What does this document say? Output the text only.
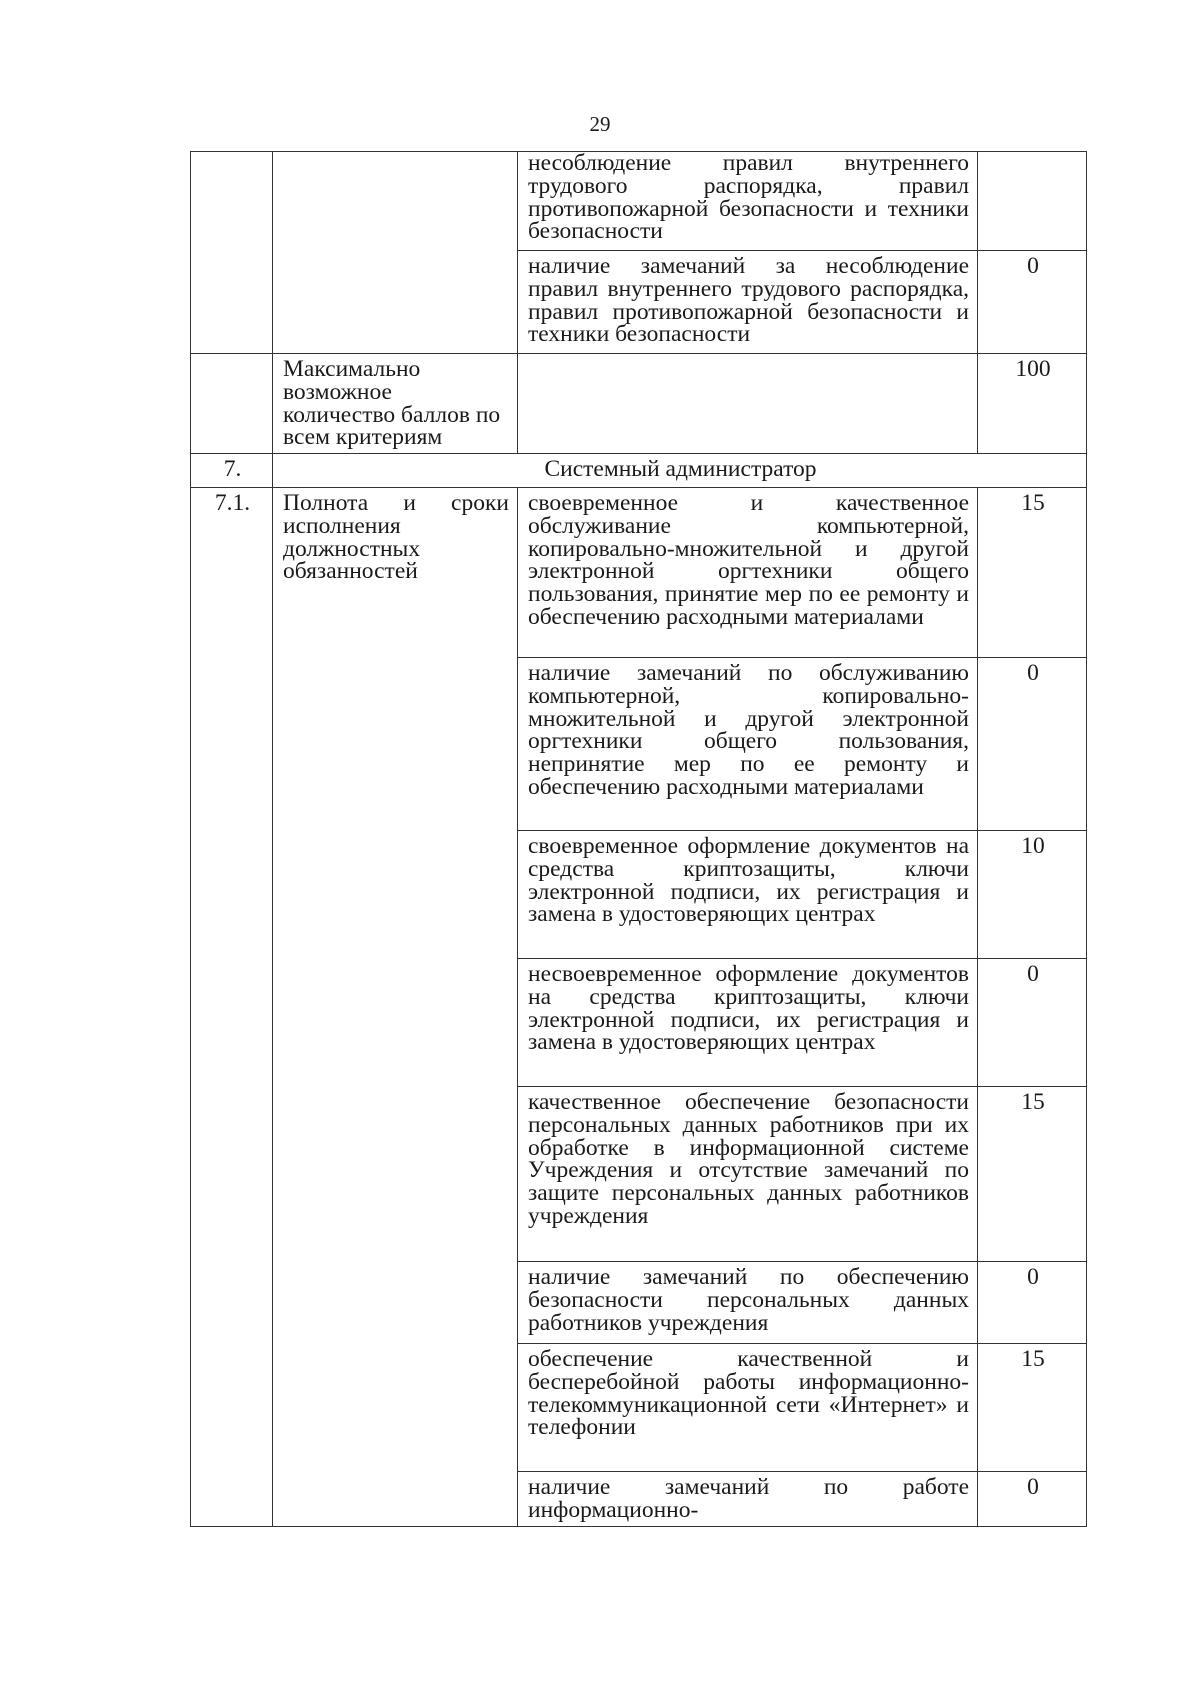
29
		несоблюдение правил внутреннего трудового распорядка, правил противопожарной безопасности и техники безопасности	
		наличие замечаний за несоблюдение правил внутреннего трудового распорядка, правил противопожарной безопасности и техники безопасности	0
	Максимально возможное количество баллов по всем критериям		100
7.	Системный администратор		
7.1.	Полнота и сроки исполнения должностных обязанностей	своевременное и качественное обслуживание компьютерной, копировально-множительной и другой электронной оргтехники общего пользования, принятие мер по ее ремонту и обеспечению расходными материалами	15
		наличие замечаний по обслуживанию компьютерной, копировально-множительной и другой электронной оргтехники общего пользования, непринятие мер по ее ремонту и обеспечению расходными материалами	0
		своевременное оформление документов на средства криптозащиты, ключи электронной подписи, их регистрация и замена в удостоверяющих центрах	10
		несвоевременное оформление документов на средства криптозащиты, ключи электронной подписи, их регистрация и замена в удостоверяющих центрах	0
		качественное обеспечение безопасности персональных данных работников при их обработке в информационной системе Учреждения и отсутствие замечаний по защите персональных данных работников учреждения	15
		наличие замечаний по обеспечению безопасности персональных данных работников учреждения	0
		обеспечение качественной и бесперебойной работы информационно-телекоммуникационной сети «Интернет» и телефонии	15
		наличие замечаний по работе информационно-	0
